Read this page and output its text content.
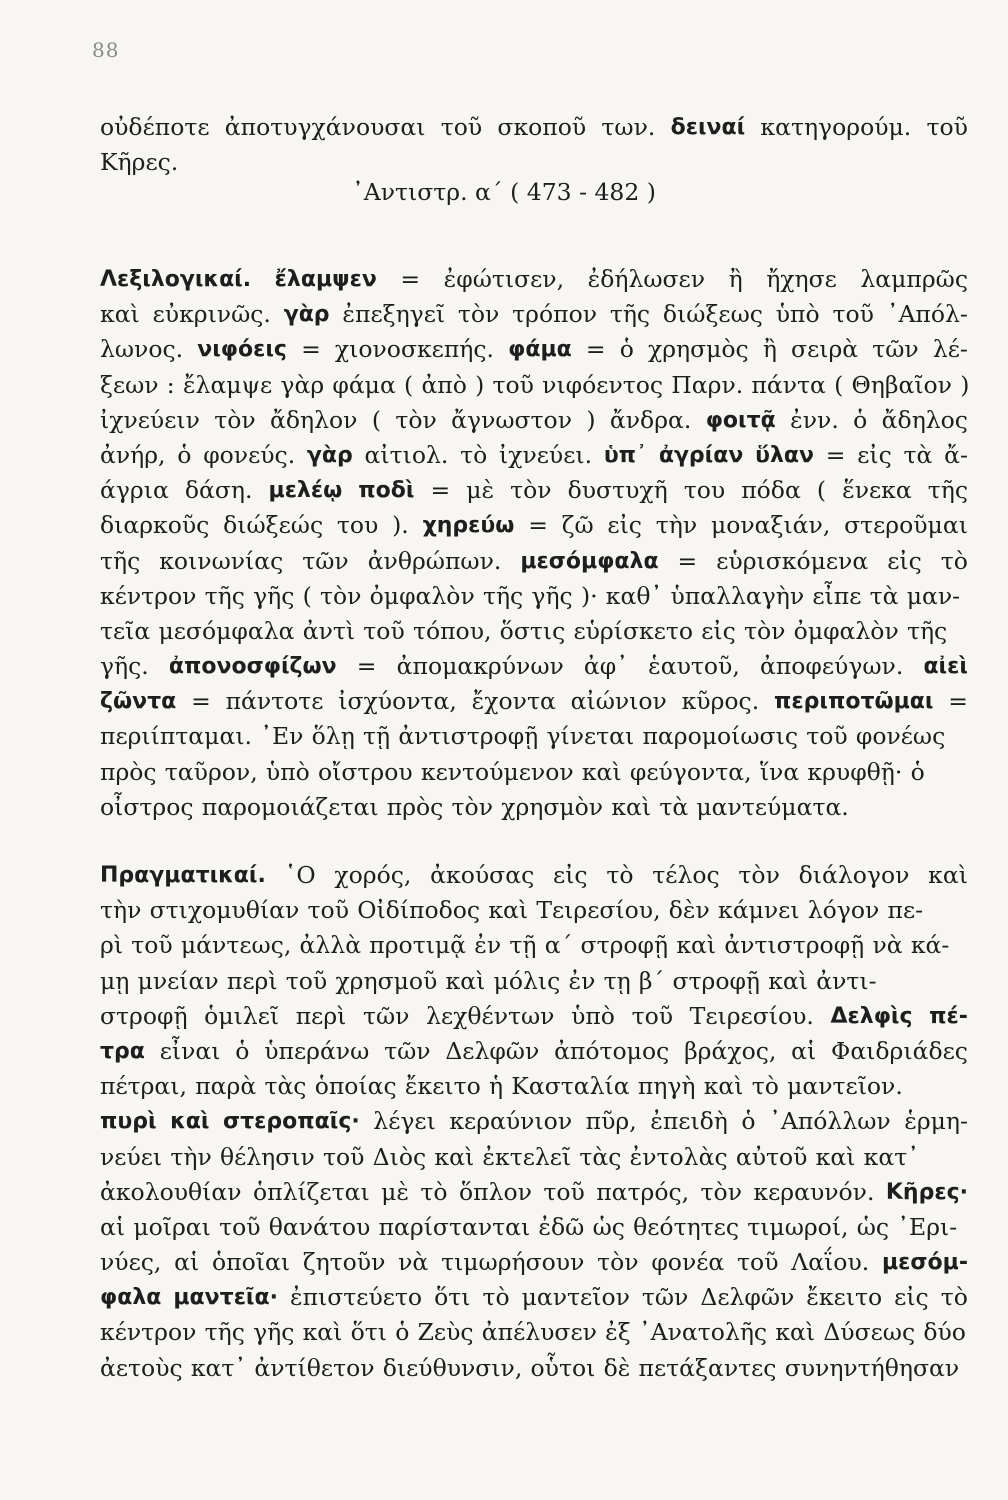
88
οὐδέποτε ἀποτυγχάνουσαι τοῦ σκοποῦ των. δειναί κατηγορούμ. τοῦ
Κῆρες.
᾿Αντιστρ. α΄ ( 473 - 482 )
Λεξιλογικαί. ἔλαμψεν = ἐφώτισεν, ἐδήλωσεν ἢ ἤχησε λαμπρῶς
καὶ εὐκρινῶς. γὰρ ἐπεξηγεῖ τὸν τρόπον τῆς διώξεως ὑπὸ τοῦ ᾿Απόλ-
λωνος. νιφόεις = χιονοσκεπής. φάμα = ὁ χρησμὸς ἢ σειρὰ τῶν λέ-
ξεων : ἔλαμψε γὰρ φάμα ( ἀπὸ ) τοῦ νιφόεντος Παρν. πάντα ( Θηβαῖον )
ἰχνεύειν τὸν ἄδηλον ( τὸν ἄγνωστον ) ἄνδρα. φοιτᾷ ἐνν. ὁ ἄδηλος
ἀνήρ, ὁ φονεύς. γὰρ αἰτιολ. τὸ ἰχνεύει. ὑπ᾿ ἀγρίαν ὕλαν = εἰς τὰ ἄ-
άγρια δάση. μελέῳ ποδὶ = μὲ τὸν δυστυχῆ του πόδα ( ἕνεκα τῆς
διαρκοῦς διώξεώς του ). χηρεύω = ζῶ εἰς τὴν μοναξιάν, στεροῦμαι
τῆς κοινωνίας τῶν ἀνθρώπων. μεσόμφαλα = εὑρισκόμενα εἰς τὸ
κέντρον τῆς γῆς ( τὸν ὀμφαλὸν τῆς γῆς )· καθ᾿ ὑπαλλαγὴν εἶπε τὰ μαν-
τεῖα μεσόμφαλα ἀντὶ τοῦ τόπου, ὅστις εὑρίσκετο εἰς τὸν ὀμφαλὸν τῆς
γῆς. ἀπονοσφίζων = ἀπομακρύνων ἀφ᾿ ἑαυτοῦ, ἀποφεύγων. αἰεὶ
ζῶντα = πάντοτε ἰσχύοντα, ἔχοντα αἰώνιον κῦρος. περιποτῶμαι =
περιίπταμαι. ᾿Εν ὅλῃ τῇ ἀντιστροφῇ γίνεται παρομοίωσις τοῦ φονέως
πρὸς ταῦρον, ὑπὸ οἴστρου κεντούμενον καὶ φεύγοντα, ἵνα κρυφθῇ· ὁ
οἶστρος παρομοιάζεται πρὸς τὸν χρησμὸν καὶ τὰ μαντεύματα.
Πραγματικαί. ῾Ο χορός, ἀκούσας εἰς τὸ τέλος τὸν διάλογον καὶ
τὴν στιχομυθίαν τοῦ Οἰδίποδος καὶ Τειρεσίου, δὲν κάμνει λόγον πε-
ρὶ τοῦ μάντεως, ἀλλὰ προτιμᾷ ἐν τῇ α΄ στροφῇ καὶ ἀντιστροφῇ νὰ κά-
μῃ μνείαν περὶ τοῦ χρησμοῦ καὶ μόλις ἐν τῃ β΄ στροφῇ καὶ ἀντι-
στροφῇ ὁμιλεῖ περὶ τῶν λεχθέντων ὑπὸ τοῦ Τειρεσίου. Δελφὶς πέ-
τρα εἶναι ὁ ὑπεράνω τῶν Δελφῶν ἀπότομος βράχος, αἱ Φαιδριάδες
πέτραι, παρὰ τὰς ὁποίας ἔκειτο ἡ Κασταλία πηγὴ καὶ τὸ μαντεῖον.
πυρὶ καὶ στεροπαῖς· λέγει κεραύνιον πῦρ, ἐπειδὴ ὁ ᾿Απόλλων ἑρμη-
νεύει τὴν θέλησιν τοῦ Διὸς καὶ ἐκτελεῖ τὰς ἐντολὰς αὐτοῦ καὶ κατ᾿
ἀκολουθίαν ὁπλίζεται μὲ τὸ ὅπλον τοῦ πατρός, τὸν κεραυνόν. Κῆρες·
αἱ μοῖραι τοῦ θανάτου παρίστανται ἐδῶ ὡς θεότητες τιμωροί, ὡς ᾿Ερι-
νύες, αἱ ὁποῖαι ζητοῦν νὰ τιμωρήσουν τὸν φονέα τοῦ Λαΐου. μεσόμ-
φαλα μαντεῖα· ἐπιστεύετο ὅτι τὸ μαντεῖον τῶν Δελφῶν ἔκειτο εἰς τὸ
κέντρον τῆς γῆς καὶ ὅτι ὁ Ζεὺς ἀπέλυσεν ἐξ ᾿Ανατολῆς καὶ Δύσεως δύο
ἀετοὺς κατ᾿ ἀντίθετον διεύθυνσιν, οὗτοι δὲ πετάξαντες συνηντήθησαν
